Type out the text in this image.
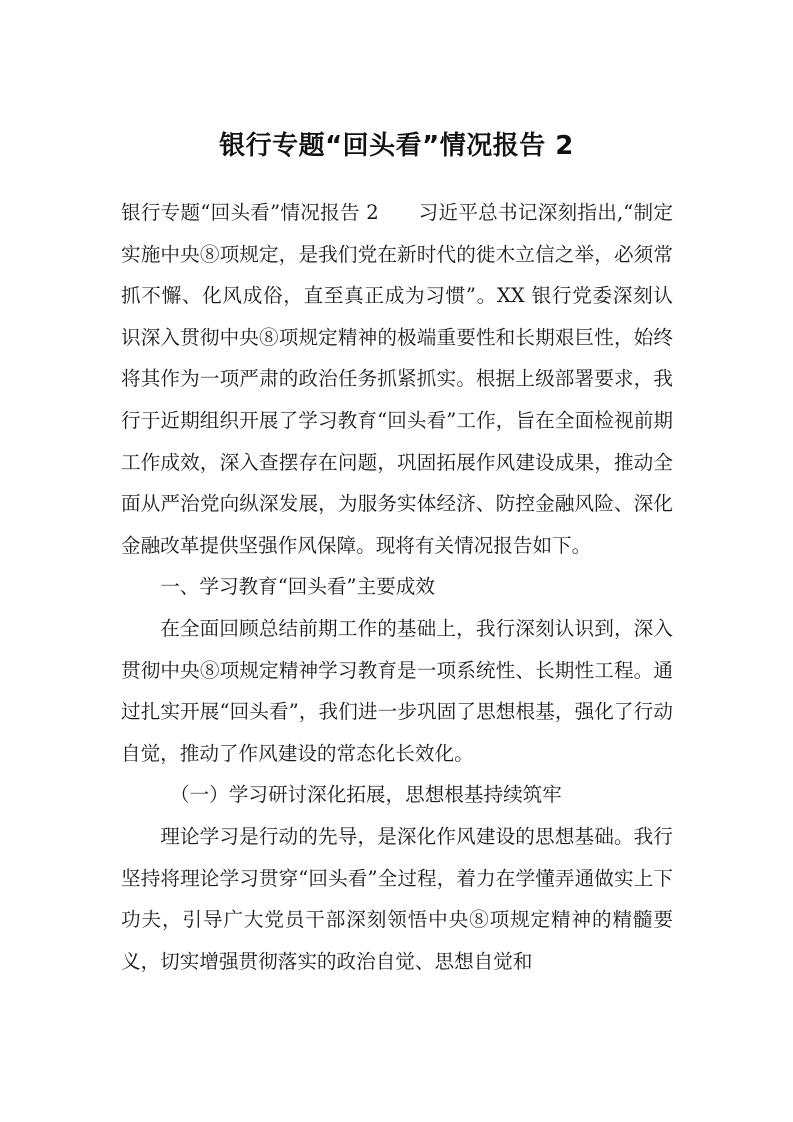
银行专题“回头看”情况报告 2

银行专题“回头看”情况报告 2　　习近平总书记深刻指出,“制定实施中央⑧项规定，是我们党在新时代的徙木立信之举，必须常抓不懈、化风成俗，直至真正成为习惯”。XX 银行党委深刻认识深入贯彻中央⑧项规定精神的极端重要性和长期艰巨性，始终将其作为一项严肃的政治任务抓紧抓实。根据上级部署要求，我行于近期组织开展了学习教育“回头看”工作，旨在全面检视前期工作成效，深入查摆存在问题，巩固拓展作风建设成果，推动全面从严治党向纵深发展，为服务实体经济、防控金融风险、深化金融改革提供坚强作风保障。现将有关情况报告如下。

一、学习教育“回头看”主要成效

在全面回顾总结前期工作的基础上，我行深刻认识到，深入贯彻中央⑧项规定精神学习教育是一项系统性、长期性工程。通过扎实开展“回头看”，我们进一步巩固了思想根基，强化了行动自觉，推动了作风建设的常态化长效化。

（一）学习研讨深化拓展，思想根基持续筑牢

理论学习是行动的先导，是深化作风建设的思想基础。我行坚持将理论学习贯穿“回头看”全过程，着力在学懂弄通做实上下功夫，引导广大党员干部深刻领悟中央⑧项规定精神的精髓要义，切实增强贯彻落实的政治自觉、思想自觉和
